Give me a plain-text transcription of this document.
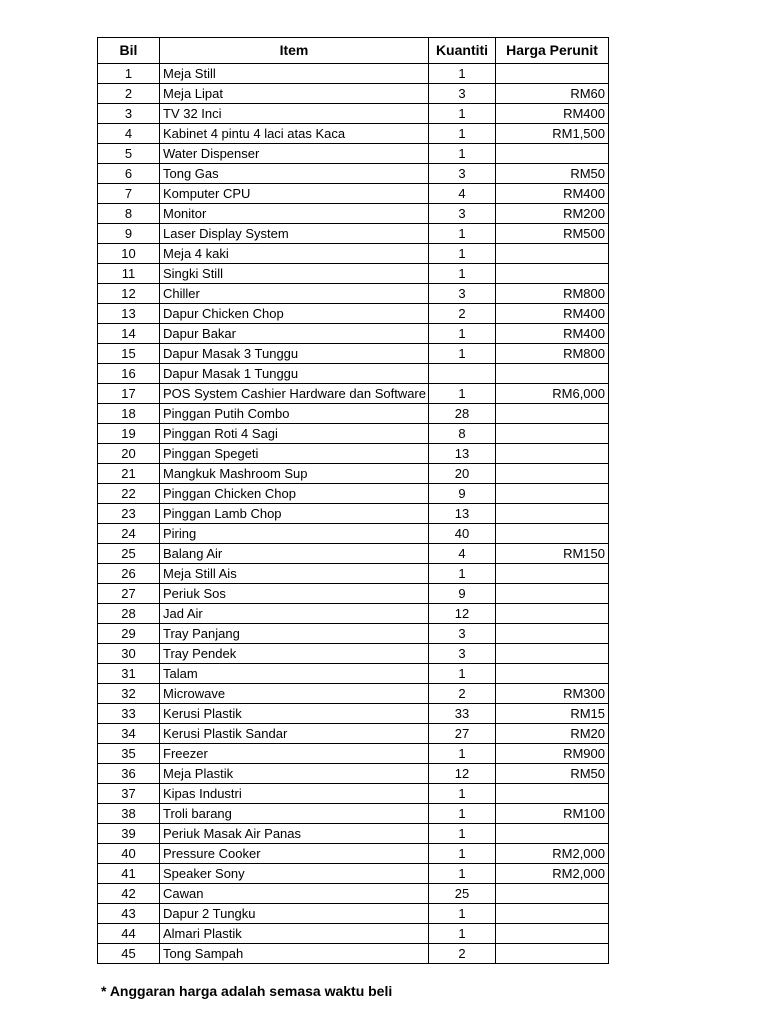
Bil	Item	Kuantiti	Harga Perunit
1	Meja Still	1	
2	Meja Lipat	3	RM60
3	TV 32 Inci	1	RM400
4	Kabinet 4 pintu 4 laci atas Kaca	1	RM1,500
5	Water Dispenser	1	
6	Tong Gas	3	RM50
7	Komputer CPU	4	RM400
8	Monitor	3	RM200
9	Laser Display System	1	RM500
10	Meja 4 kaki	1	
11	Singki Still	1	
12	Chiller	3	RM800
13	Dapur Chicken Chop	2	RM400
14	Dapur Bakar	1	RM400
15	Dapur Masak 3 Tunggu	1	RM800
16	Dapur Masak 1 Tunggu		
17	POS System Cashier Hardware dan Software	1	RM6,000
18	Pinggan Putih Combo	28	
19	Pinggan Roti 4 Sagi	8	
20	Pinggan Spegeti	13	
21	Mangkuk Mashroom Sup	20	
22	Pinggan Chicken Chop	9	
23	Pinggan Lamb Chop	13	
24	Piring	40	
25	Balang Air	4	RM150
26	Meja Still Ais	1	
27	Periuk Sos	9	
28	Jad Air	12	
29	Tray Panjang	3	
30	Tray Pendek	3	
31	Talam	1	
32	Microwave	2	RM300
33	Kerusi Plastik	33	RM15
34	Kerusi Plastik Sandar	27	RM20
35	Freezer	1	RM900
36	Meja Plastik	12	RM50
37	Kipas Industri	1	
38	Troli barang	1	RM100
39	Periuk Masak Air Panas	1	
40	Pressure Cooker	1	RM2,000
41	Speaker Sony	1	RM2,000
42	Cawan	25	
43	Dapur 2 Tungku	1	
44	Almari Plastik	1	
45	Tong Sampah	2	
* Anggaran harga adalah semasa waktu beli
